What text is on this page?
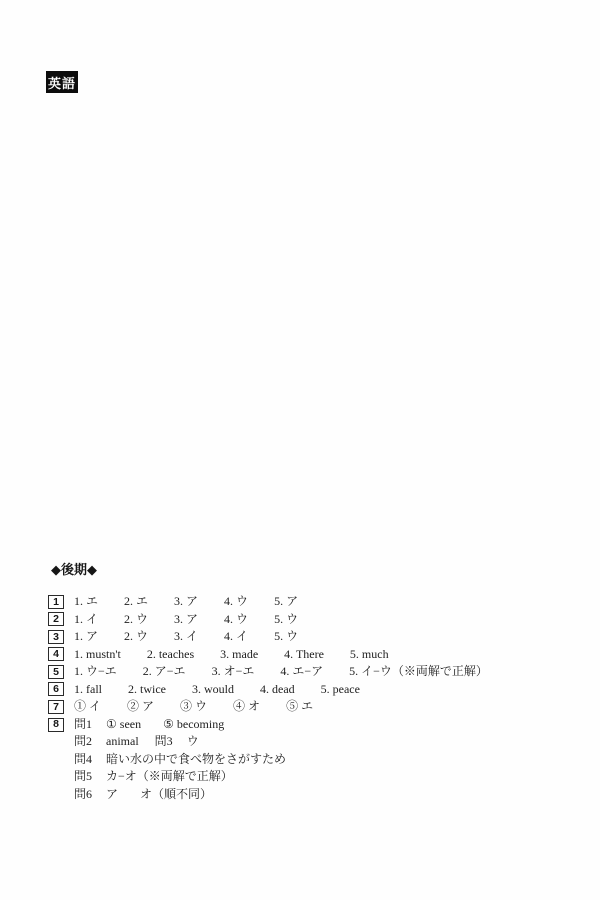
英語
◆後期◆
1	1. エ 2. エ 3. ア 4. ウ 5. ア
2	1. イ 2. ウ 3. ア 4. ウ 5. ウ
3	1. ア 2. ウ 3. イ 4. イ 5. ウ
4	1. mustn't 2. teaches 3. made 4. There 5. much
5	1. ウ−エ 2. ア−エ 3. オ−エ 4. エ−ア 5. イ−ウ（※両解で正解）
6	1. fall 2. twice 3. would 4. dead 5. peace
7	① イ ② ア ③ ウ ④ オ ⑤ エ
8	問1 ① seen ⑤ becoming
問2 animal 問3 ウ
問4 暗い水の中で食べ物をさがすため
問5 カ−オ（※両解で正解）
問6 ア オ（順不同）
